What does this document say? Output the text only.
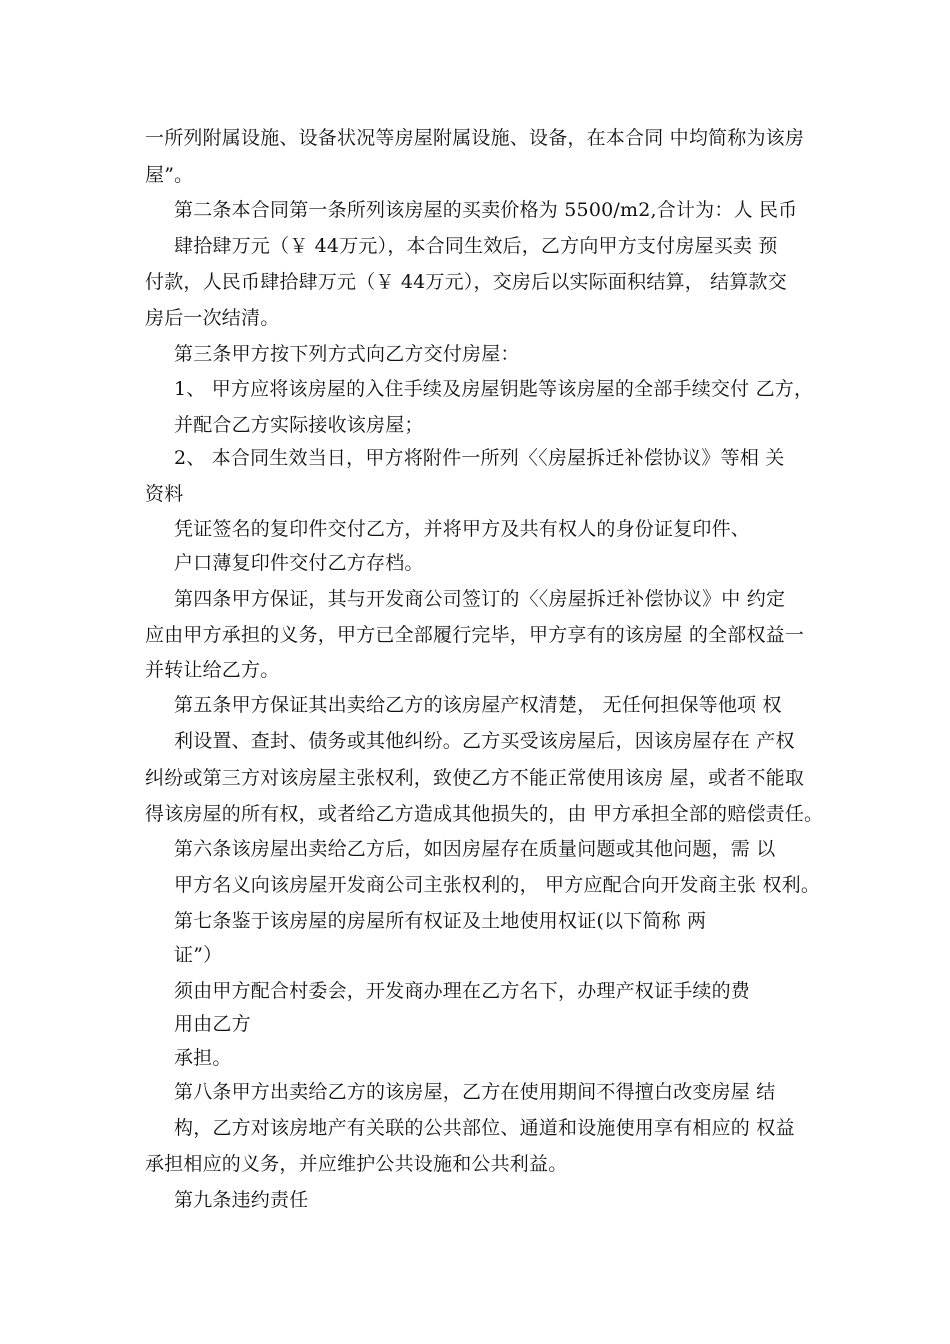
一所列附属设施、设备状况等房屋附属设施、设备，在本合同 中均简称为该房
屋”。
第二条本合同第一条所列该房屋的买卖价格为 5500/m2,合计为：人 民币
肆拾肆万元（￥ 44万元），本合同生效后，乙方向甲方支付房屋买卖 预
付款，人民币肆拾肆万元（￥ 44万元），交房后以实际面积结算， 结算款交
房后一次结清。
第三条甲方按下列方式向乙方交付房屋：
1、 甲方应将该房屋的入住手续及房屋钥匙等该房屋的全部手续交付 乙方，
并配合乙方实际接收该房屋；
2、 本合同生效当日，甲方将附件一所列〈〈房屋拆迁补偿协议》等相 关
资料
凭证签名的复印件交付乙方，并将甲方及共有权人的身份证复印件、
户口薄复印件交付乙方存档。
第四条甲方保证，其与开发商公司签订的〈〈房屋拆迁补偿协议》中 约定
应由甲方承担的义务，甲方已全部履行完毕，甲方享有的该房屋 的全部权益一
并转让给乙方。
第五条甲方保证其出卖给乙方的该房屋产权清楚， 无任何担保等他项 权
利设置、查封、债务或其他纠纷。乙方买受该房屋后，因该房屋存在 产权
纠纷或第三方对该房屋主张权利，致使乙方不能正常使用该房 屋，或者不能取
得该房屋的所有权，或者给乙方造成其他损失的，由 甲方承担全部的赔偿责任。
第六条该房屋出卖给乙方后，如因房屋存在质量问题或其他问题，需 以
甲方名义向该房屋开发商公司主张权利的， 甲方应配合向开发商主张 权利。
第七条鉴于该房屋的房屋所有权证及土地使用权证(以下简称 两
证”）
须由甲方配合村委会，开发商办理在乙方名下，办理产权证手续的费
用由乙方
承担。
第八条甲方出卖给乙方的该房屋，乙方在使用期间不得擅白改变房屋 结
构，乙方对该房地产有关联的公共部位、通道和设施使用享有相应的 权益
承担相应的义务，并应维护公共设施和公共利益。
第九条违约责任
